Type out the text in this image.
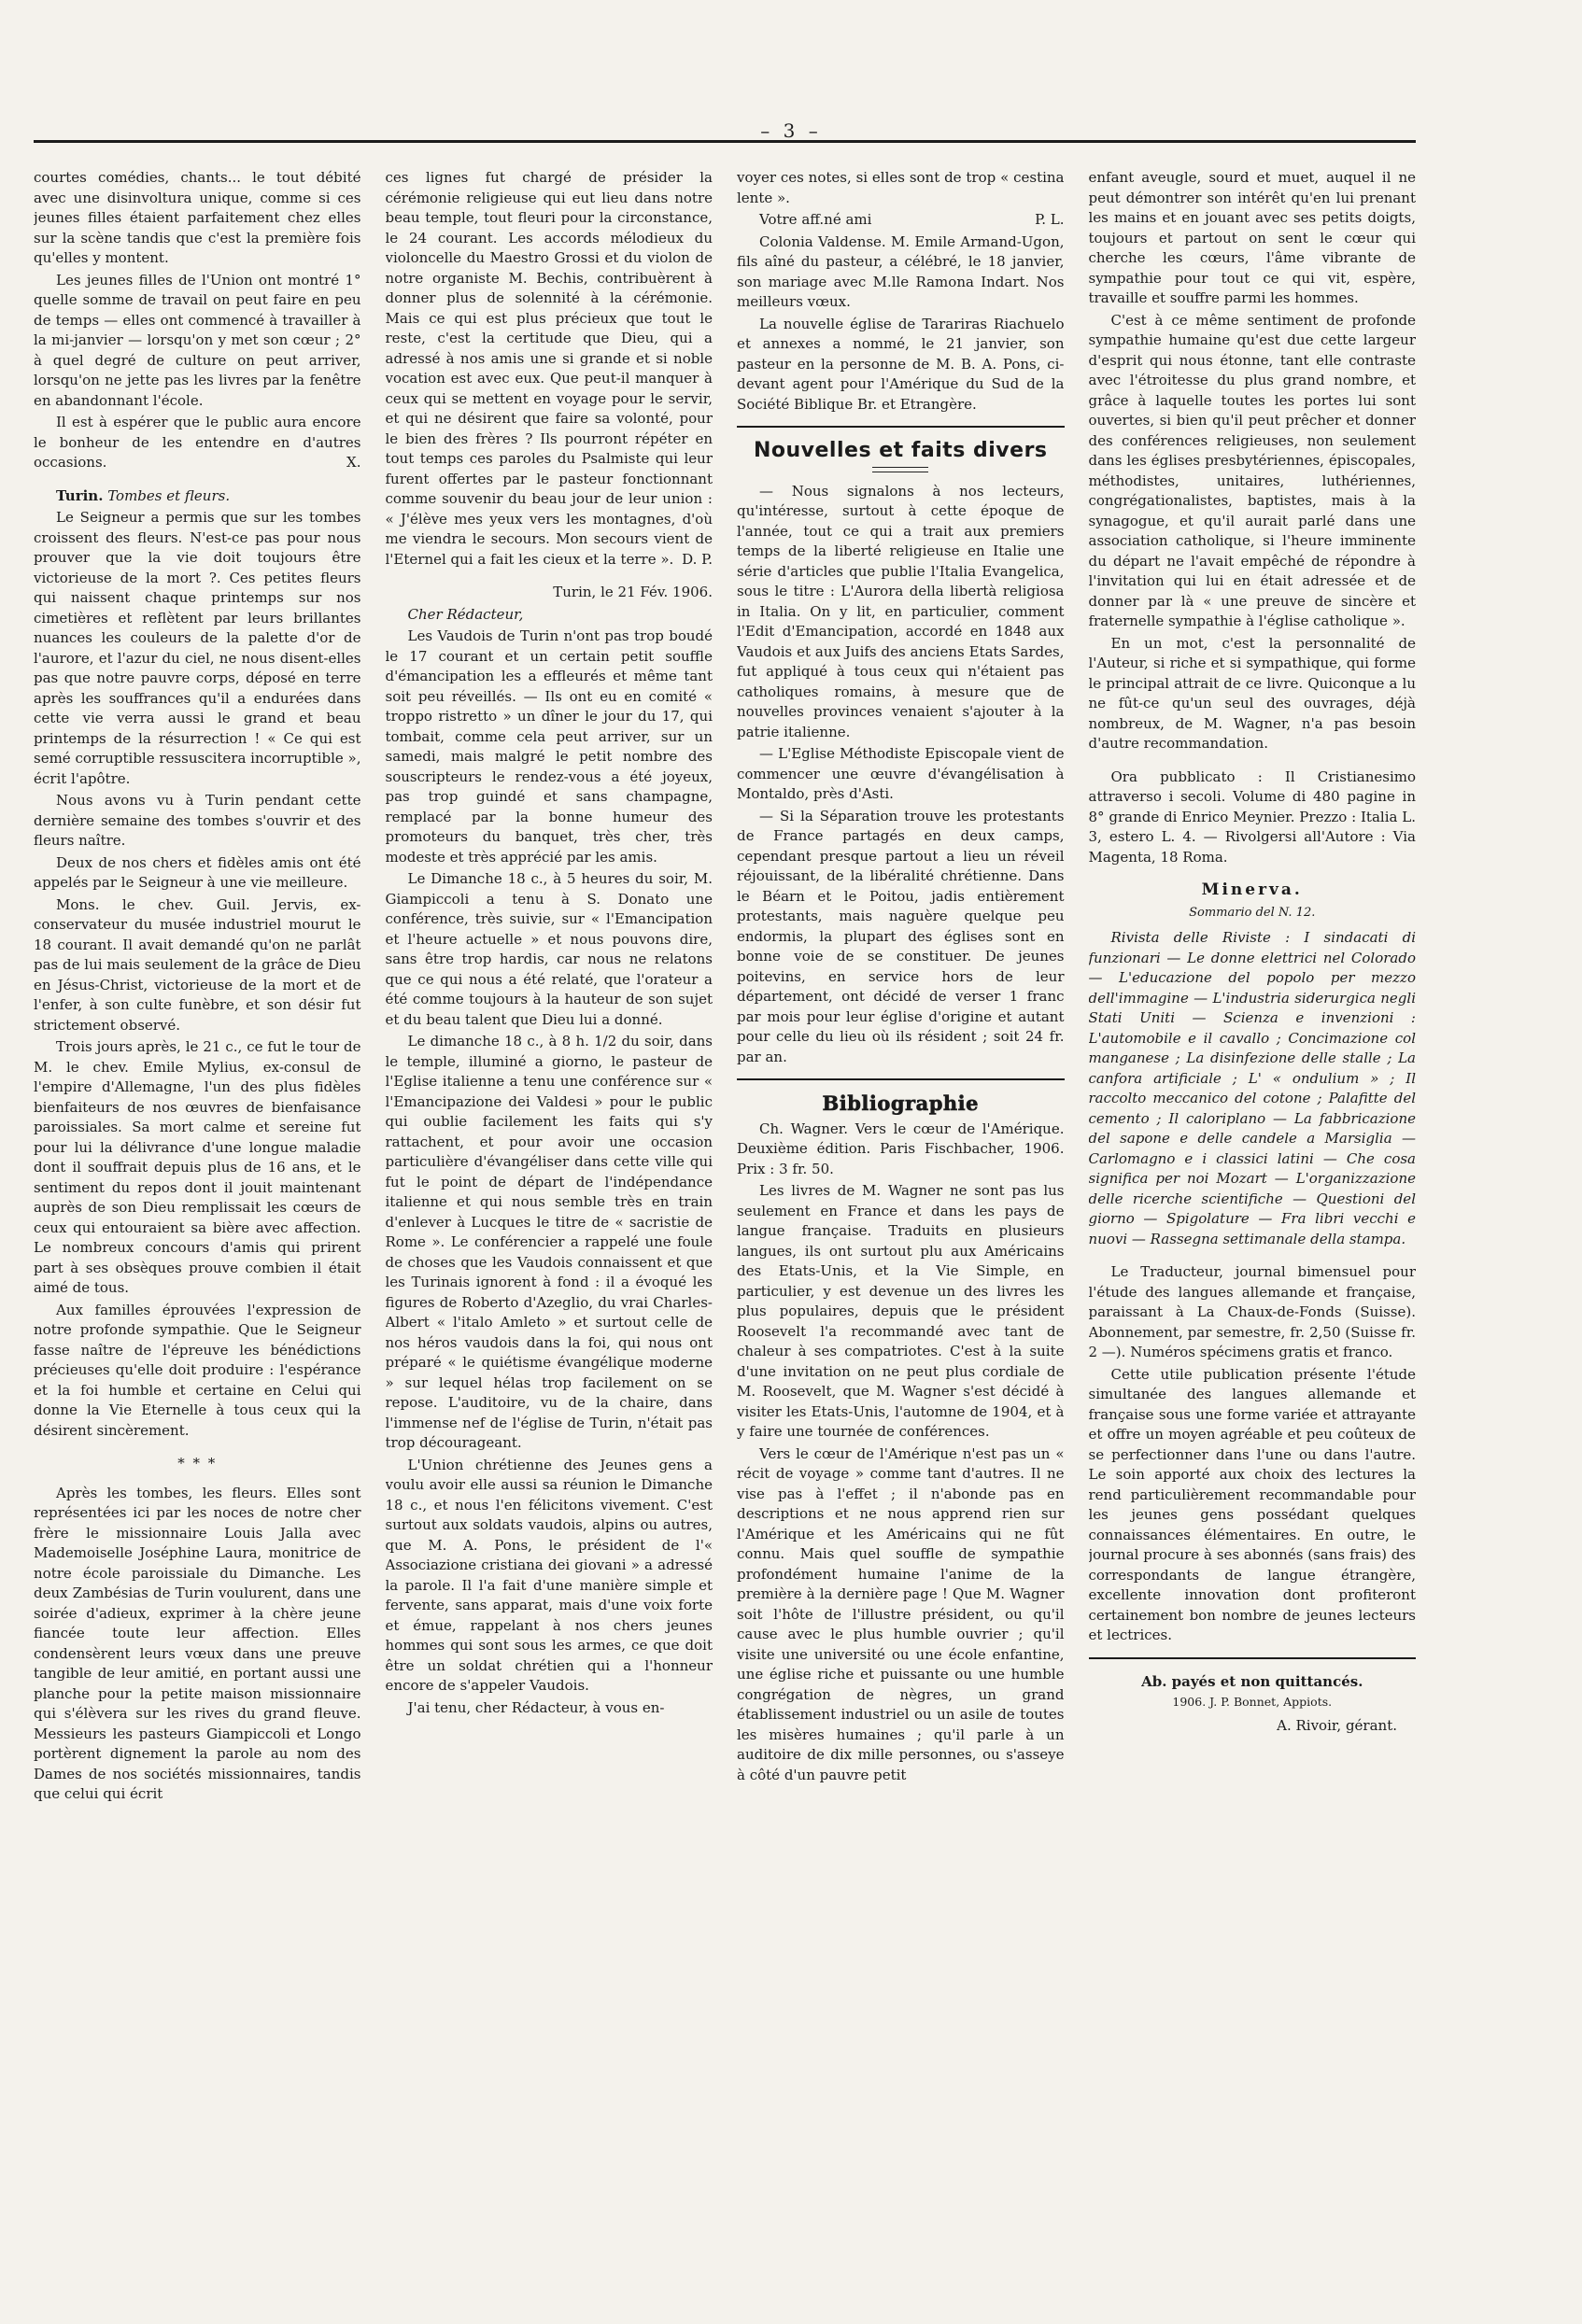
– 3 –

courtes comédies, chants... le tout débité avec une disinvoltura unique, comme si ces jeunes filles étaient parfaitement chez elles sur la scène tandis que c'est la première fois qu'elles y montent.

Les jeunes filles de l'Union ont montré 1° quelle somme de travail on peut faire en peu de temps — elles ont commencé à travailler à la mi-janvier — lorsqu'on y met son cœur ; 2° à quel degré de culture on peut arriver, lorsqu'on ne jette pas les livres par la fenêtre en abandonnant l'école.

Il est à espérer que le public aura encore le bonheur de les entendre en d'autres occasions.	X.

Turin. Tombes et fleurs.

Le Seigneur a permis que sur les tombes croissent des fleurs. N'est-ce pas pour nous prouver que la vie doit toujours être victorieuse de la mort ?. Ces petites fleurs qui naissent chaque printemps sur nos cimetières et reflètent par leurs brillantes nuances les couleurs de la palette d'or de l'aurore, et l'azur du ciel, ne nous disent-elles pas que notre pauvre corps, déposé en terre après les souffrances qu'il a endurées dans cette vie verra aussi le grand et beau printemps de la résurrection ! « Ce qui est semé corruptible ressuscitera incorruptible », écrit l'apôtre.

Nous avons vu à Turin pendant cette dernière semaine des tombes s'ouvrir et des fleurs naître.

Deux de nos chers et fidèles amis ont été appelés par le Seigneur à une vie meilleure.

Mons. le chev. Guil. Jervis, ex-conservateur du musée industriel mourut le 18 courant. Il avait demandé qu'on ne parlât pas de lui mais seulement de la grâce de Dieu en Jésus-Christ, victorieuse de la mort et de l'enfer, à son culte funèbre, et son désir fut strictement observé.

Trois jours après, le 21 c., ce fut le tour de M. le chev. Emile Mylius, ex-consul de l'empire d'Allemagne, l'un des plus fidèles bienfaiteurs de nos œuvres de bienfaisance paroissiales. Sa mort calme et sereine fut pour lui la délivrance d'une longue maladie dont il souffrait depuis plus de 16 ans, et le sentiment du repos dont il jouit maintenant auprès de son Dieu remplissait les cœurs de ceux qui entouraient sa bière avec affection. Le nombreux concours d'amis qui prirent part à ses obsèques prouve combien il était aimé de tous.

Aux familles éprouvées l'expression de notre profonde sympathie. Que le Seigneur fasse naître de l'épreuve les bénédictions précieuses qu'elle doit produire : l'espérance et la foi humble et certaine en Celui qui donne la Vie Eternelle à tous ceux qui la désirent sincèrement.

* * *

Après les tombes, les fleurs. Elles sont représentées ici par les noces de notre cher frère le missionnaire Louis Jalla avec Mademoiselle Joséphine Laura, monitrice de notre école paroissiale du Dimanche. Les deux Zambésias de Turin voulurent, dans une soirée d'adieux, exprimer à la chère jeune fiancée toute leur affection. Elles condensèrent leurs vœux dans une preuve tangible de leur amitié, en portant aussi une planche pour la petite maison missionnaire qui s'élèvera sur les rives du grand fleuve. Messieurs les pasteurs Giampiccoli et Longo portèrent dignement la parole au nom des Dames de nos sociétés missionnaires, tandis que celui qui écrit

ces lignes fut chargé de présider la cérémonie religieuse qui eut lieu dans notre beau temple, tout fleuri pour la circonstance, le 24 courant. Les accords mélodieux du violoncelle du Maestro Grossi et du violon de notre organiste M. Bechis, contribuèrent à donner plus de solennité à la cérémonie. Mais ce qui est plus précieux que tout le reste, c'est la certitude que Dieu, qui a adressé à nos amis une si grande et si noble vocation est avec eux. Que peut-il manquer à ceux qui se mettent en voyage pour le servir, et qui ne désirent que faire sa volonté, pour le bien des frères ? Ils pourront répéter en tout temps ces paroles du Psalmiste qui leur furent offertes par le pasteur fonctionnant comme souvenir du beau jour de leur union : « J'élève mes yeux vers les montagnes, d'où me viendra le secours. Mon secours vient de l'Eternel qui a fait les cieux et la terre ». D. P.

Turin, le 21 Fév. 1906.

Cher Rédacteur,

Les Vaudois de Turin n'ont pas trop boudé le 17 courant et un certain petit souffle d'émancipation les a effleurés et même tant soit peu réveillés. — Ils ont eu en comité « troppo ristretto » un dîner le jour du 17, qui tombait, comme cela peut arriver, sur un samedi, mais malgré le petit nombre des souscripteurs le rendez-vous a été joyeux, pas trop guindé et sans champagne, remplacé par la bonne humeur des promoteurs du banquet, très cher, très modeste et très apprécié par les amis.

Le Dimanche 18 c., à 5 heures du soir, M. Giampiccoli a tenu à S. Donato une conférence, très suivie, sur « l'Emancipation et l'heure actuelle » et nous pouvons dire, sans être trop hardis, car nous ne relatons que ce qui nous a été relaté, que l'orateur a été comme toujours à la hauteur de son sujet et du beau talent que Dieu lui a donné.

Le dimanche 18 c., à 8 h. 1/2 du soir, dans le temple, illuminé a giorno, le pasteur de l'Eglise italienne a tenu une conférence sur « l'Emancipazione dei Valdesi » pour le public qui oublie facilement les faits qui s'y rattachent, et pour avoir une occasion particulière d'évangéliser dans cette ville qui fut le point de départ de l'indépendance italienne et qui nous semble très en train d'enlever à Lucques le titre de « sacristie de Rome ». Le conférencier a rappelé une foule de choses que les Vaudois connaissent et que les Turinais ignorent à fond : il a évoqué les figures de Roberto d'Azeglio, du vrai Charles-Albert « l'italo Amleto » et surtout celle de nos héros vaudois dans la foi, qui nous ont préparé « le quiétisme évangélique moderne » sur lequel hélas trop facilement on se repose. L'auditoire, vu de la chaire, dans l'immense nef de l'église de Turin, n'était pas trop décourageant.

L'Union chrétienne des Jeunes gens a voulu avoir elle aussi sa réunion le Dimanche 18 c., et nous l'en félicitons vivement. C'est surtout aux soldats vaudois, alpins ou autres, que M. A. Pons, le président de l'« Associazione cristiana dei giovani » a adressé la parole. Il l'a fait d'une manière simple et fervente, sans apparat, mais d'une voix forte et émue, rappelant à nos chers jeunes hommes qui sont sous les armes, ce que doit être un soldat chrétien qui a l'honneur encore de s'appeler Vaudois.

J'ai tenu, cher Rédacteur, à vous en-

voyer ces notes, si elles sont de trop « cestina lente ».

Votre aff.né ami	P. L.

Colonia Valdense. M. Emile Armand-Ugon, fils aîné du pasteur, a célébré, le 18 janvier, son mariage avec M.lle Ramona Indart. Nos meilleurs vœux.

La nouvelle église de Tarariras Riachuelo et annexes a nommé, le 21 janvier, son pasteur en la personne de M. B. A. Pons, ci-devant agent pour l'Amérique du Sud de la Société Biblique Br. et Etrangère.

Nouvelles et faits divers

— Nous signalons à nos lecteurs, qu'intéresse, surtout à cette époque de l'année, tout ce qui a trait aux premiers temps de la liberté religieuse en Italie une série d'articles que publie l'Italia Evangelica, sous le titre : L'Aurora della libertà religiosa in Italia. On y lit, en particulier, comment l'Edit d'Emancipation, accordé en 1848 aux Vaudois et aux Juifs des anciens Etats Sardes, fut appliqué à tous ceux qui n'étaient pas catholiques romains, à mesure que de nouvelles provinces venaient s'ajouter à la patrie italienne.

— L'Eglise Méthodiste Episcopale vient de commencer une œuvre d'évangélisation à Montaldo, près d'Asti.

— Si la Séparation trouve les protestants de France partagés en deux camps, cependant presque partout a lieu un réveil réjouissant, de la libéralité chrétienne. Dans le Béarn et le Poitou, jadis entièrement protestants, mais naguère quelque peu endormis, la plupart des églises sont en bonne voie de se constituer. De jeunes poitevins, en service hors de leur département, ont décidé de verser 1 franc par mois pour leur église d'origine et autant pour celle du lieu où ils résident ; soit 24 fr. par an.

Bibliographie

Ch. Wagner. Vers le cœur de l'Amérique. Deuxième édition. Paris Fischbacher, 1906. Prix : 3 fr. 50.

Les livres de M. Wagner ne sont pas lus seulement en France et dans les pays de langue française. Traduits en plusieurs langues, ils ont surtout plu aux Américains des Etats-Unis, et la Vie Simple, en particulier, y est devenue un des livres les plus populaires, depuis que le président Roosevelt l'a recommandé avec tant de chaleur à ses compatriotes. C'est à la suite d'une invitation on ne peut plus cordiale de M. Roosevelt, que M. Wagner s'est décidé à visiter les Etats-Unis, l'automne de 1904, et à y faire une tournée de conférences.

Vers le cœur de l'Amérique n'est pas un « récit de voyage » comme tant d'autres. Il ne vise pas à l'effet ; il n'abonde pas en descriptions et ne nous apprend rien sur l'Amérique et les Américains qui ne fût connu. Mais quel souffle de sympathie profondément humaine l'anime de la première à la dernière page ! Que M. Wagner soit l'hôte de l'illustre président, ou qu'il cause avec le plus humble ouvrier ; qu'il visite une université ou une école enfantine, une église riche et puissante ou une humble congrégation de nègres, un grand établissement industriel ou un asile de toutes les misères humaines ; qu'il parle à un auditoire de dix mille personnes, ou s'asseye à côté d'un pauvre petit

enfant aveugle, sourd et muet, auquel il ne peut démontrer son intérêt qu'en lui prenant les mains et en jouant avec ses petits doigts, toujours et partout on sent le cœur qui cherche les cœurs, l'âme vibrante de sympathie pour tout ce qui vit, espère, travaille et souffre parmi les hommes.

C'est à ce même sentiment de profonde sympathie humaine qu'est due cette largeur d'esprit qui nous étonne, tant elle contraste avec l'étroitesse du plus grand nombre, et grâce à laquelle toutes les portes lui sont ouvertes, si bien qu'il peut prêcher et donner des conférences religieuses, non seulement dans les églises presbytériennes, épiscopales, méthodistes, unitaires, luthériennes, congrégationalistes, baptistes, mais à la synagogue, et qu'il aurait parlé dans une association catholique, si l'heure imminente du départ ne l'avait empêché de répondre à l'invitation qui lui en était adressée et de donner par là « une preuve de sincère et fraternelle sympathie à l'église catholique ».

En un mot, c'est la personnalité de l'Auteur, si riche et si sympathique, qui forme le principal attrait de ce livre. Quiconque a lu ne fût-ce qu'un seul des ouvrages, déjà nombreux, de M. Wagner, n'a pas besoin d'autre recommandation.

Ora pubblicato : Il Cristianesimo attraverso i secoli. Volume di 480 pagine in 8° grande di Enrico Meynier. Prezzo : Italia L. 3, estero L. 4. — Rivolgersi all'Autore : Via Magenta, 18 Roma.

Minerva.
Sommario del N. 12.

Rivista delle Riviste : I sindacati di funzionari — Le donne elettrici nel Colorado — L'educazione del popolo per mezzo dell'immagine — L'industria siderurgica negli Stati Uniti — Scienza e invenzioni : L'automobile e il cavallo ; Concimazione col manganese ; La disinfezione delle stalle ; La canfora artificiale ; L' « ondulium » ; Il raccolto meccanico del cotone ; Palafitte del cemento ; Il caloriplano — La fabbricazione del sapone e delle candele a Marsiglia — Carlomagno e i classici latini — Che cosa significa per noi Mozart — L'organizzazione delle ricerche scientifiche — Questioni del giorno — Spigolature — Fra libri vecchi e nuovi — Rassegna settimanale della stampa.

Le Traducteur, journal bimensuel pour l'étude des langues allemande et française, paraissant à La Chaux-de-Fonds (Suisse). Abonnement, par semestre, fr. 2,50 (Suisse fr. 2 —). Numéros spécimens gratis et franco.

Cette utile publication présente l'étude simultanée des langues allemande et française sous une forme variée et attrayante et offre un moyen agréable et peu coûteux de se perfectionner dans l'une ou dans l'autre. Le soin apporté aux choix des lectures la rend particulièrement recommandable pour les jeunes gens possédant quelques connaissances élémentaires. En outre, le journal procure à ses abonnés (sans frais) des correspondants de langue étrangère, excellente innovation dont profiteront certainement bon nombre de jeunes lecteurs et lectrices.

Ab. payés et non quittancés.
1906. J. P. Bonnet, Appiots.
A. Rivoir, gérant.
